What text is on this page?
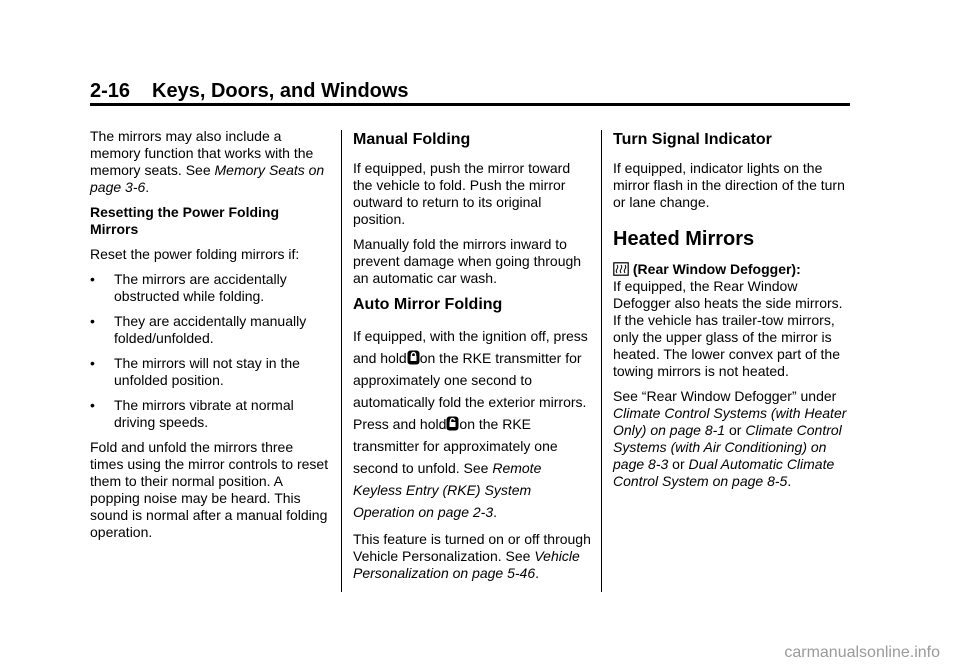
2-16 Keys, Doors, and Windows

The mirrors may also include a memory function that works with the memory seats. See Memory Seats on page 3-6.

Resetting the Power Folding Mirrors

Reset the power folding mirrors if:

• The mirrors are accidentally obstructed while folding.
• They are accidentally manually folded/unfolded.
• The mirrors will not stay in the unfolded position.
• The mirrors vibrate at normal driving speeds.

Fold and unfold the mirrors three times using the mirror controls to reset them to their normal position. A popping noise may be heard. This sound is normal after a manual folding operation.

Manual Folding

If equipped, push the mirror toward the vehicle to fold. Push the mirror outward to return to its original position.

Manually fold the mirrors inward to prevent damage when going through an automatic car wash.

Auto Mirror Folding

If equipped, with the ignition off, press and hold on the RKE transmitter for approximately one second to automatically fold the exterior mirrors. Press and hold on the RKE transmitter for approximately one second to unfold. See Remote Keyless Entry (RKE) System Operation on page 2-3.

This feature is turned on or off through Vehicle Personalization. See Vehicle Personalization on page 5-46.

Turn Signal Indicator

If equipped, indicator lights on the mirror flash in the direction of the turn or lane change.

Heated Mirrors

(Rear Window Defogger):
If equipped, the Rear Window Defogger also heats the side mirrors. If the vehicle has trailer-tow mirrors, only the upper glass of the mirror is heated. The lower convex part of the towing mirrors is not heated.

See “Rear Window Defogger” under Climate Control Systems (with Heater Only) on page 8-1 or Climate Control Systems (with Air Conditioning) on page 8-3 or Dual Automatic Climate Control System on page 8-5.

carmanualsonline.info
